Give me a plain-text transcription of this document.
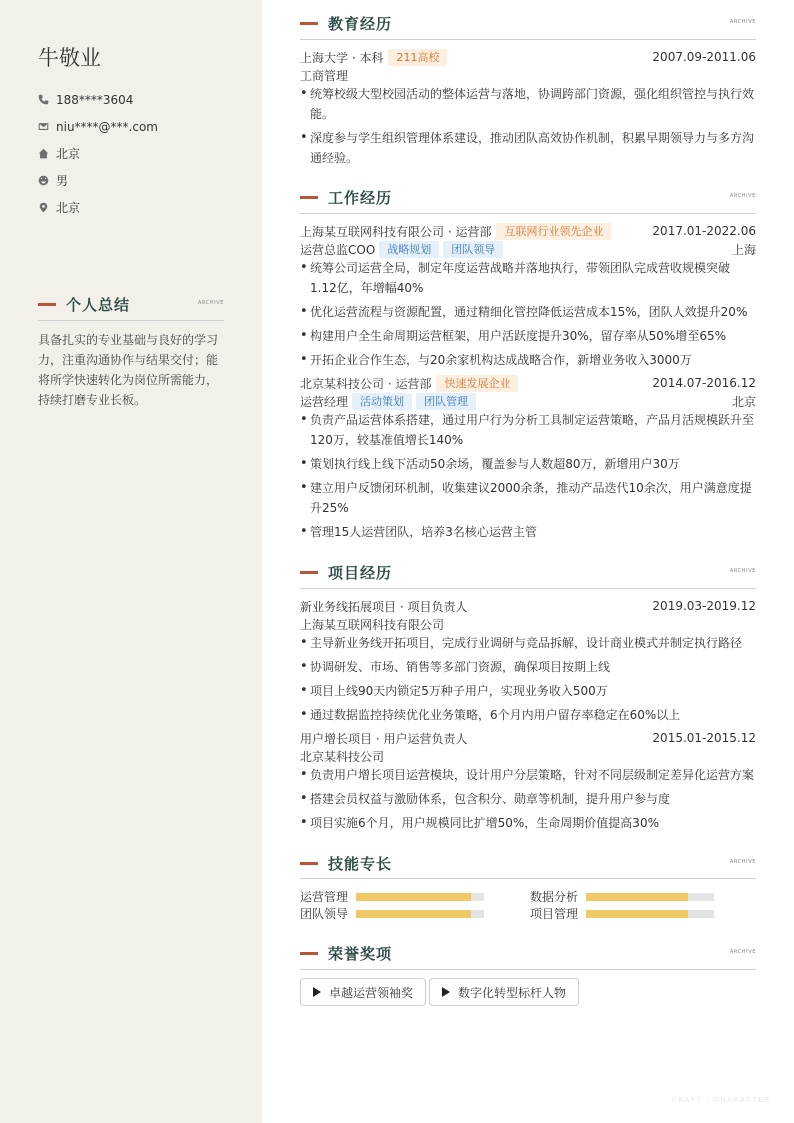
牛敬业
188****3604
niu****@***.com
北京
男
北京
个人总结	ARCHIVE

具备扎实的专业基础与良好的学习力，注重沟通协作与结果交付；能将所学快速转化为岗位所需能力，持续打磨专业长板。

教育经历	ARCHIVE
上海大学 · 本科	211高校	2007.09-2011.06
工商管理
• 统筹校级大型校园活动的整体运营与落地，协调跨部门资源，强化组织管控与执行效能。
• 深度参与学生组织管理体系建设，推动团队高效协作机制，积累早期领导力与多方沟通经验。
工作经历	ARCHIVE
上海某互联网科技有限公司 · 运营部	互联网行业领先企业	2017.01-2022.06
运营总监COO	战略规划	团队领导	上海
• 统筹公司运营全局，制定年度运营战略并落地执行，带领团队完成营收规模突破1.12亿，年增幅40%
• 优化运营流程与资源配置，通过精细化管控降低运营成本15%，团队人效提升20%
• 构建用户全生命周期运营框架，用户活跃度提升30%，留存率从50%增至65%
• 开拓企业合作生态，与20余家机构达成战略合作，新增业务收入3000万
北京某科技公司 · 运营部	快速发展企业	2014.07-2016.12
运营经理	活动策划	团队管理	北京
• 负责产品运营体系搭建，通过用户行为分析工具制定运营策略，产品月活规模跃升至120万，较基准值增长140%
• 策划执行线上线下活动50余场，覆盖参与人数超80万，新增用户30万
• 建立用户反馈闭环机制，收集建议2000余条，推动产品迭代10余次，用户满意度提升25%
• 管理15人运营团队，培养3名核心运营主管
项目经历	ARCHIVE
新业务线拓展项目 · 项目负责人	2019.03-2019.12
上海某互联网科技有限公司
• 主导新业务线开拓项目，完成行业调研与竞品拆解，设计商业模式并制定执行路径
• 协调研发、市场、销售等多部门资源，确保项目按期上线
• 项目上线90天内锁定5万种子用户，实现业务收入500万
• 通过数据监控持续优化业务策略，6个月内用户留存率稳定在60%以上
用户增长项目 · 用户运营负责人	2015.01-2015.12
北京某科技公司
• 负责用户增长项目运营模块，设计用户分层策略，针对不同层级制定差异化运营方案
• 搭建会员权益与激励体系，包含积分、勋章等机制，提升用户参与度
• 项目实施6个月，用户规模同比扩增50%，生命周期价值提高30%
技能专长	ARCHIVE
运营管理	数据分析
团队领导	项目管理
荣誉奖项	ARCHIVE
卓越运营领袖奖	数字化转型标杆人物
CRAFT · CHARACTER
